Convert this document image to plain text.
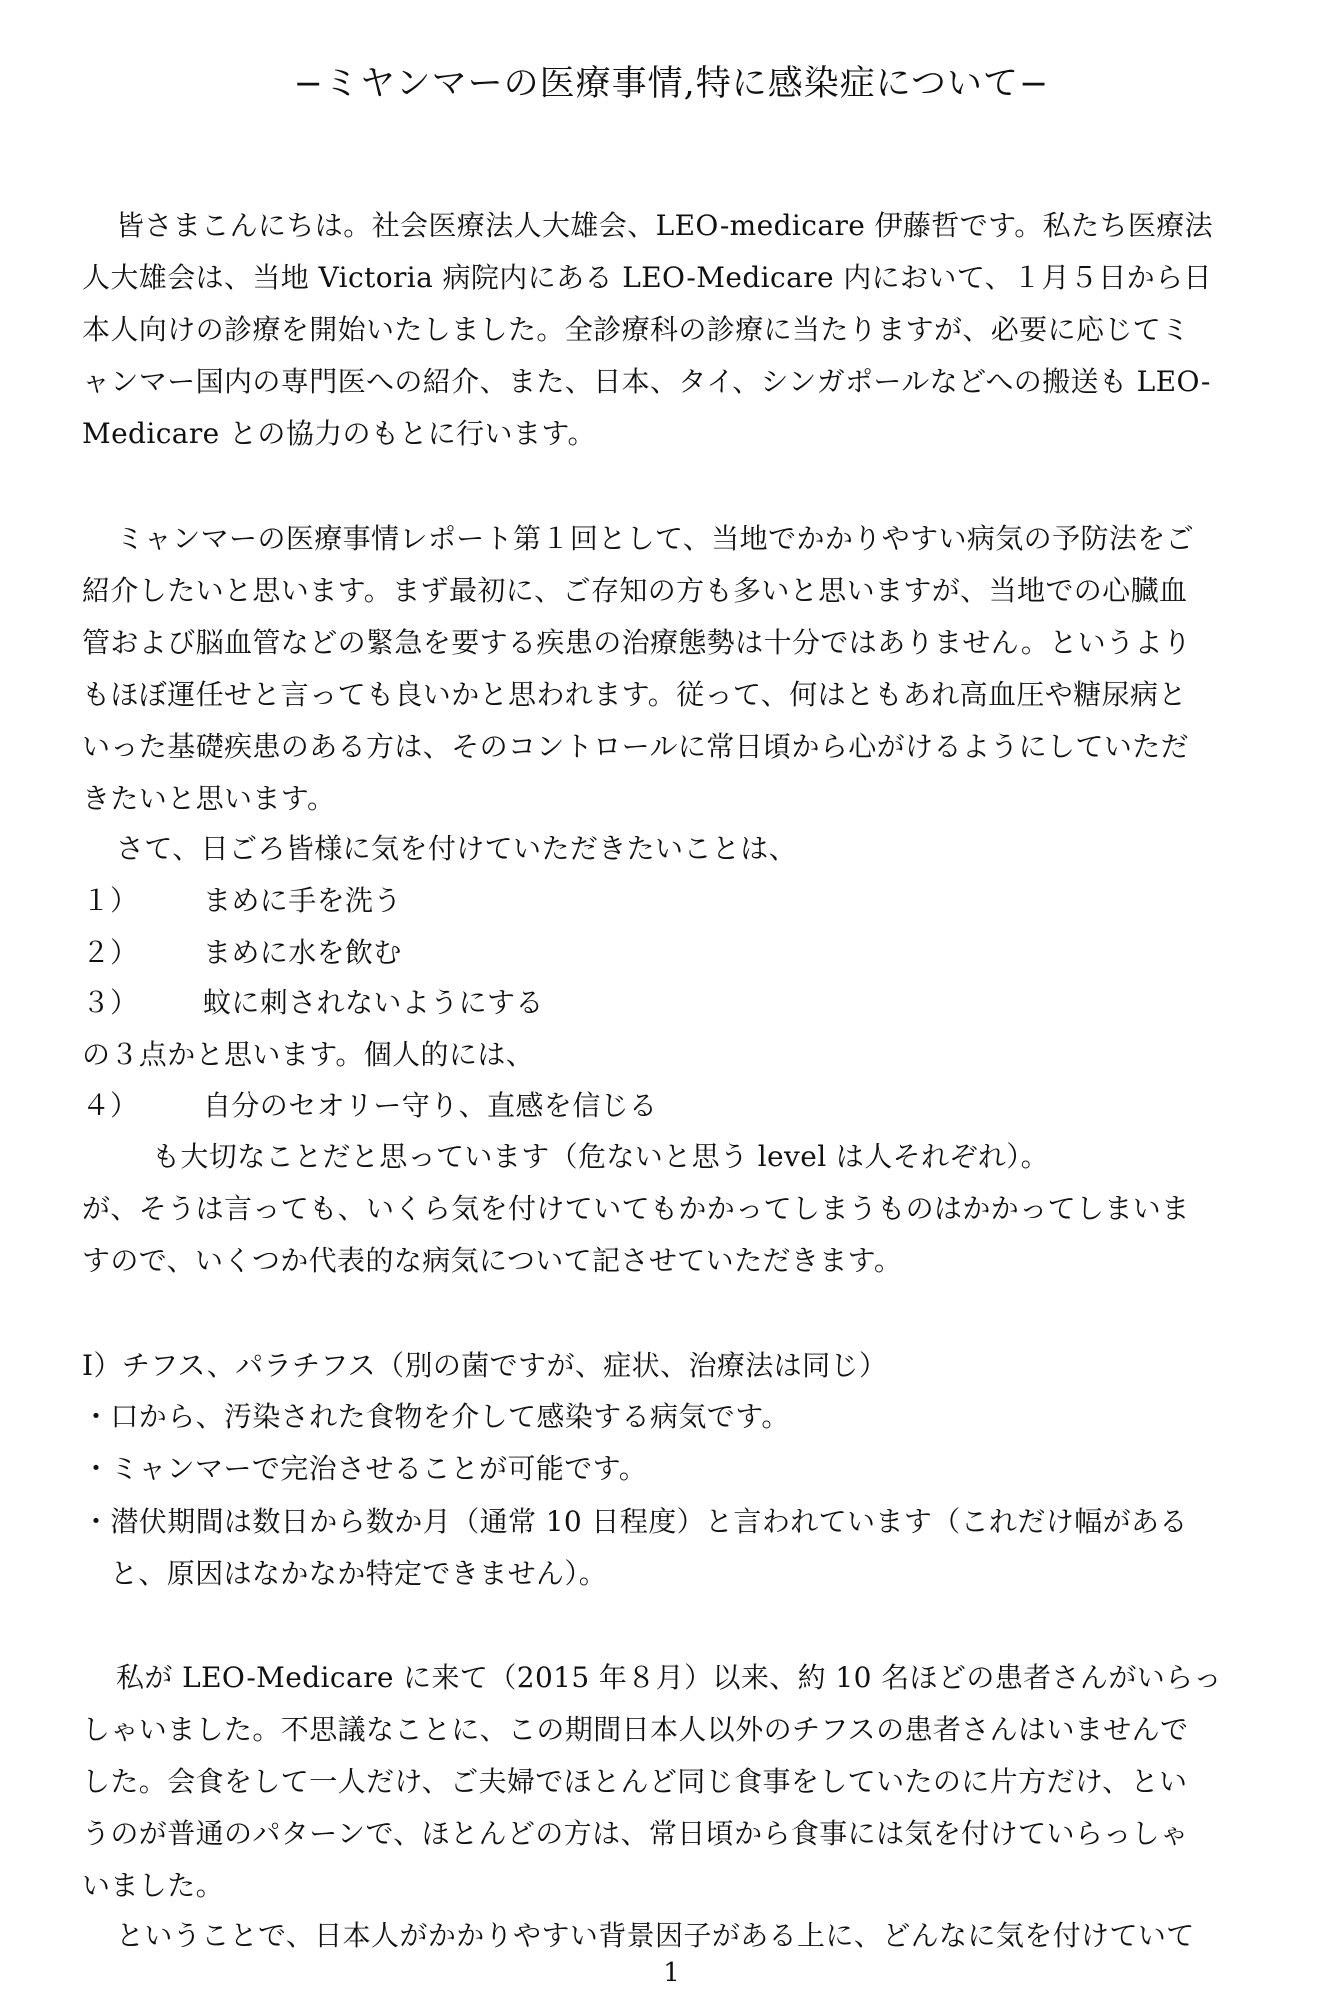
−ミヤンマーの医療事情,特に感染症について−
皆さまこんにちは。社会医療法人大雄会、LEO-medicare 伊藤哲です。私たち医療法
人大雄会は、当地 Victoria 病院内にある LEO-Medicare 内において、１月５日から日
本人向けの診療を開始いたしました。全診療科の診療に当たりますが、必要に応じてミ
ャンマー国内の専門医への紹介、また、日本、タイ、シンガポールなどへの搬送も LEO-
Medicare との協力のもとに行います。
ミャンマーの医療事情レポート第１回として、当地でかかりやすい病気の予防法をご
紹介したいと思います。まず最初に、ご存知の方も多いと思いますが、当地での心臓血
管および脳血管などの緊急を要する疾患の治療態勢は十分ではありません。というより
もほぼ運任せと言っても良いかと思われます。従って、何はともあれ高血圧や糖尿病と
いった基礎疾患のある方は、そのコントロールに常日頃から心がけるようにしていただ
きたいと思います。
さて、日ごろ皆様に気を付けていただきたいことは、
１） まめに手を洗う
２） まめに水を飲む
３） 蚊に刺されないようにする
の３点かと思います。個人的には、
４） 自分のセオリー守り、直感を信じる
も大切なことだと思っています（危ないと思う level は人それぞれ）。
が、そうは言っても、いくら気を付けていてもかかってしまうものはかかってしまいま
すので、いくつか代表的な病気について記させていただきます。
I）チフス、パラチフス（別の菌ですが、症状、治療法は同じ）
・口から、汚染された食物を介して感染する病気です。
・ミャンマーで完治させることが可能です。
・潜伏期間は数日から数か月（通常 10 日程度）と言われています（これだけ幅がある
と、原因はなかなか特定できません）。
私が LEO-Medicare に来て（2015 年８月）以来、約 10 名ほどの患者さんがいらっ
しゃいました。不思議なことに、この期間日本人以外のチフスの患者さんはいませんで
した。会食をして一人だけ、ご夫婦でほとんど同じ食事をしていたのに片方だけ、とい
うのが普通のパターンで、ほとんどの方は、常日頃から食事には気を付けていらっしゃ
いました。
ということで、日本人がかかりやすい背景因子がある上に、どんなに気を付けていて
1
